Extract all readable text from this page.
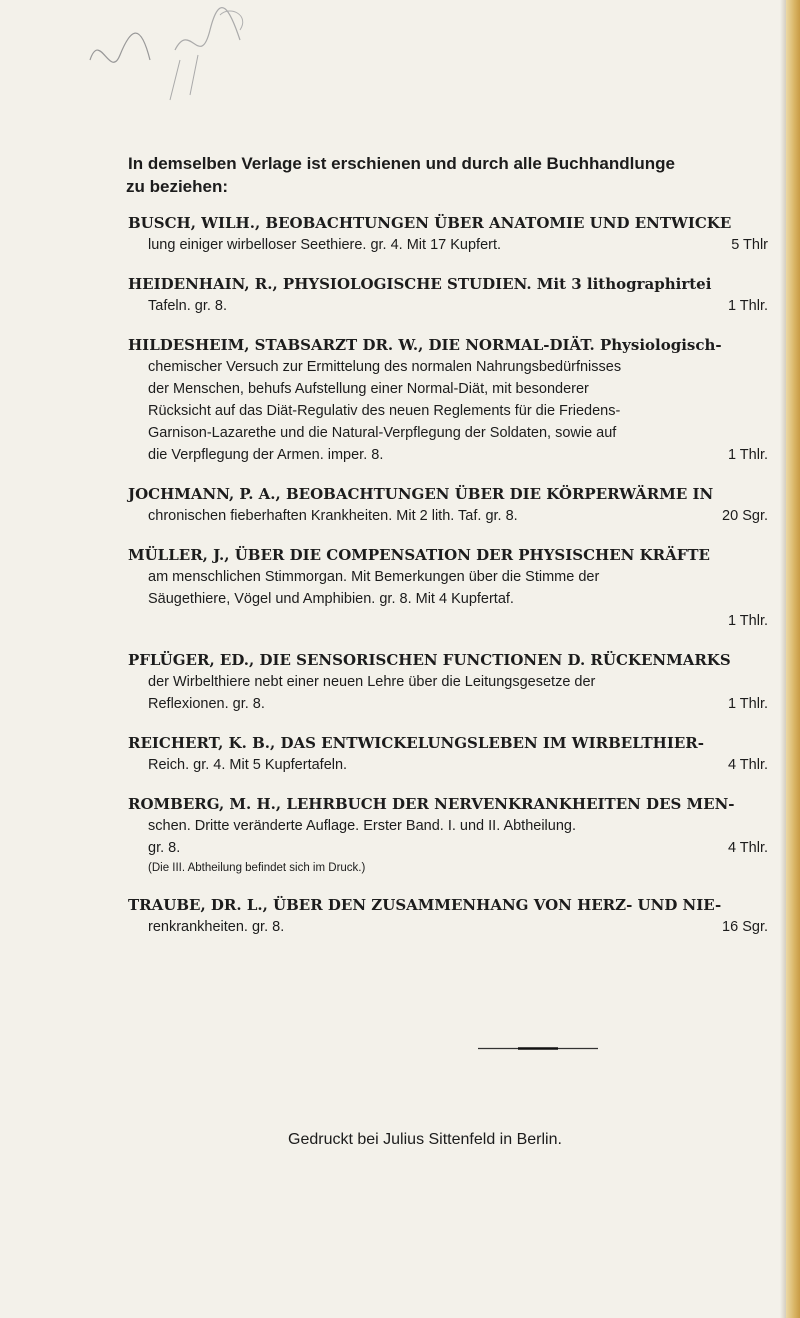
In demselben Verlage ist erschienen und durch alle Buchhandlunge
zu beziehen:

BUSCH, WILH., BEOBACHTUNGEN ÜBER ANATOMIE UND ENTWICKE

lung einiger wirbelloser Seethiere. gr. 4. Mit 17 Kupfert.	5 Thlr

HEIDENHAIN, R., PHYSIOLOGISCHE STUDIEN. Mit 3 lithographirtei

Tafeln. gr. 8.	1 Thlr.

HILDESHEIM, STABSARZT DR. W., DIE NORMAL-DIÄT. Physiologisch-

chemischer Versuch zur Ermittelung des normalen Nahrungsbedürfnisses

der Menschen, behufs Aufstellung einer Normal-Diät, mit besonderer

Rücksicht auf das Diät-Regulativ des neuen Reglements für die Friedens-

Garnison-Lazarethe und die Natural-Verpflegung der Soldaten, sowie auf

die Verpflegung der Armen. imper. 8.	1 Thlr.

JOCHMANN, P. A., BEOBACHTUNGEN ÜBER DIE KÖRPERWÄRME IN

chronischen fieberhaften Krankheiten. Mit 2 lith. Taf. gr. 8.	20 Sgr.

MÜLLER, J., ÜBER DIE COMPENSATION DER PHYSISCHEN KRÄFTE

am menschlichen Stimmorgan. Mit Bemerkungen über die Stimme der

Säugethiere, Vögel und Amphibien. gr. 8. Mit 4 Kupfertaf.

1 Thlr.

PFLÜGER, ED., DIE SENSORISCHEN FUNCTIONEN D. RÜCKENMARKS

der Wirbelthiere nebt einer neuen Lehre über die Leitungsgesetze der

Reflexionen. gr. 8.	1 Thlr.

REICHERT, K. B., DAS ENTWICKELUNGSLEBEN IM WIRBELTHIER-

Reich. gr. 4. Mit 5 Kupfertafeln.	4 Thlr.

ROMBERG, M. H., LEHRBUCH DER NERVENKRANKHEITEN DES MEN-

schen. Dritte veränderte Auflage. Erster Band. I. und II. Abtheilung.

gr. 8.	4 Thlr.

(Die III. Abtheilung befindet sich im Druck.)

TRAUBE, DR. L., ÜBER DEN ZUSAMMENHANG VON HERZ- UND NIE-

renkrankheiten. gr. 8.	16 Sgr.

Gedruckt bei Julius Sittenfeld in Berlin.
